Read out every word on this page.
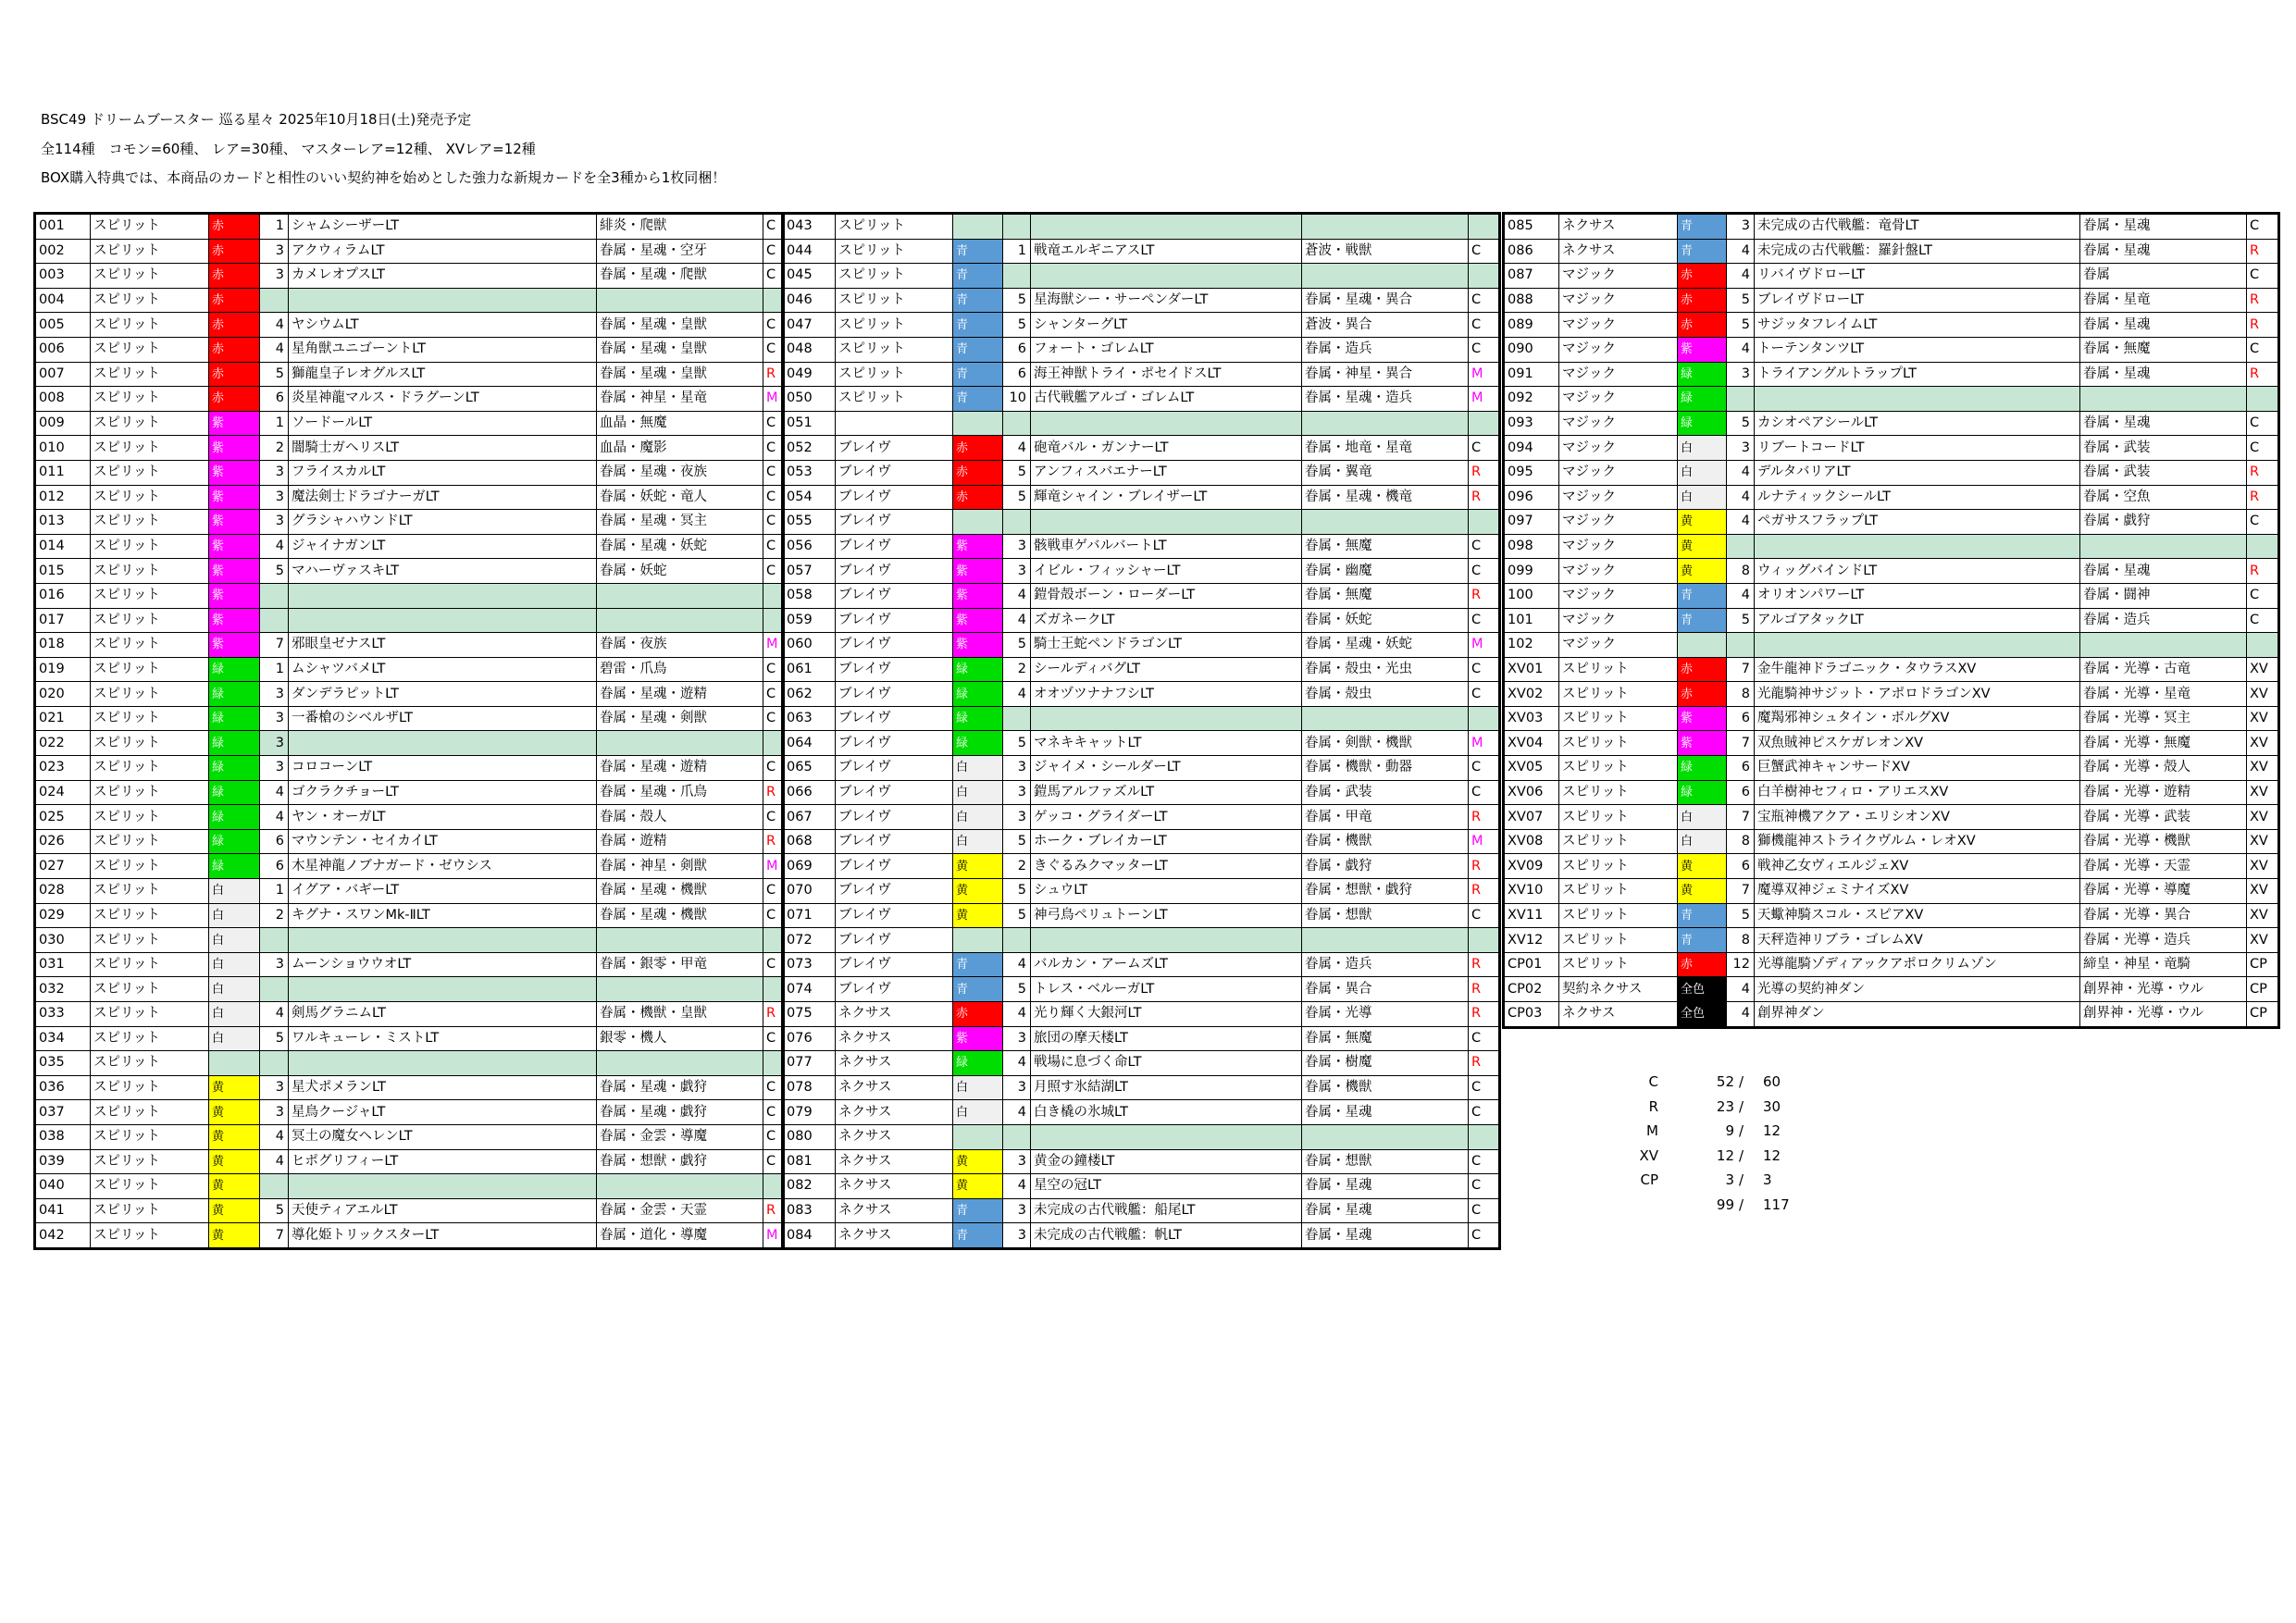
BSC49 ドリームブースター 巡る星々 2025年10月18日(土)発売予定
全114種　コモン=60種、 レア=30種、 マスターレア=12種、 XVレア=12種
BOX購入特典では、本商品のカードと相性のいい契約神を始めとした強力な新規カードを全3種から1枚同梱！
001	スピリット	赤	1	シャムシーザーLT	緋炎・爬獣	C
002	スピリット	赤	3	アクウィラムLT	眷属・星魂・空牙	C
003	スピリット	赤	3	カメレオプスLT	眷属・星魂・爬獣	C
004	スピリット	赤				
005	スピリット	赤	4	ヤシウムLT	眷属・星魂・皇獣	C
006	スピリット	赤	4	星角獣ユニゴーントLT	眷属・星魂・皇獣	C
007	スピリット	赤	5	獅龍皇子レオグルスLT	眷属・星魂・皇獣	R
008	スピリット	赤	6	炎星神龍マルス・ドラグーンLT	眷属・神星・星竜	M
009	スピリット	紫	1	ソードールLT	血晶・無魔	C
010	スピリット	紫	2	闇騎士ガヘリスLT	血晶・魔影	C
011	スピリット	紫	3	フライスカルLT	眷属・星魂・夜族	C
012	スピリット	紫	3	魔法剣士ドラゴナーガLT	眷属・妖蛇・竜人	C
013	スピリット	紫	3	グラシャハウンドLT	眷属・星魂・冥主	C
014	スピリット	紫	4	ジャイナガンLT	眷属・星魂・妖蛇	C
015	スピリット	紫	5	マハーヴァスキLT	眷属・妖蛇	C
016	スピリット	紫				
017	スピリット	紫				
018	スピリット	紫	7	邪眼皇ゼナスLT	眷属・夜族	M
019	スピリット	緑	1	ムシャツバメLT	碧雷・爪鳥	C
020	スピリット	緑	3	ダンデラピットLT	眷属・星魂・遊精	C
021	スピリット	緑	3	一番槍のシベルザLT	眷属・星魂・剣獣	C
022	スピリット	緑	3			
023	スピリット	緑	3	コロコーンLT	眷属・星魂・遊精	C
024	スピリット	緑	4	ゴクラクチョーLT	眷属・星魂・爪鳥	R
025	スピリット	緑	4	ヤン・オーガLT	眷属・殻人	C
026	スピリット	緑	6	マウンテン・セイカイLT	眷属・遊精	R
027	スピリット	緑	6	木星神龍ノブナガード・ゼウシス	眷属・神星・剣獣	M
028	スピリット	白	1	イグア・バギーLT	眷属・星魂・機獣	C
029	スピリット	白	2	キグナ・スワンMk-ⅡLT	眷属・星魂・機獣	C
030	スピリット	白				
031	スピリット	白	3	ムーンショウウオLT	眷属・銀零・甲竜	C
032	スピリット	白				
033	スピリット	白	4	剣馬グラニムLT	眷属・機獣・皇獣	R
034	スピリット	白	5	ワルキューレ・ミストLT	銀零・機人	C
035	スピリット					
036	スピリット	黄	3	星犬ポメランLT	眷属・星魂・戯狩	C
037	スピリット	黄	3	星鳥クージャLT	眷属・星魂・戯狩	C
038	スピリット	黄	4	冥土の魔女ヘレンLT	眷属・金雲・導魔	C
039	スピリット	黄	4	ヒポグリフィーLT	眷属・想獣・戯狩	C
040	スピリット	黄				
041	スピリット	黄	5	天使ティアエルLT	眷属・金雲・天霊	R
042	スピリット	黄	7	導化姫トリックスターLT	眷属・道化・導魔	M
043	スピリット					
044	スピリット	青	1	戦竜エルギニアスLT	蒼波・戦獣	C
045	スピリット	青				
046	スピリット	青	5	星海獣シー・サーペンダーLT	眷属・星魂・異合	C
047	スピリット	青	5	シャンターグLT	蒼波・異合	C
048	スピリット	青	6	フォート・ゴレムLT	眷属・造兵	C
049	スピリット	青	6	海王神獣トライ・ポセイドスLT	眷属・神星・異合	M
050	スピリット	青	10	古代戦艦アルゴ・ゴレムLT	眷属・星魂・造兵	M
051						
052	ブレイヴ	赤	4	砲竜バル・ガンナーLT	眷属・地竜・星竜	C
053	ブレイヴ	赤	5	アンフィスバエナーLT	眷属・翼竜	R
054	ブレイヴ	赤	5	輝竜シャイン・ブレイザーLT	眷属・星魂・機竜	R
055	ブレイヴ					
056	ブレイヴ	紫	3	骸戦車ゲバルバートLT	眷属・無魔	C
057	ブレイヴ	紫	3	イビル・フィッシャーLT	眷属・幽魔	C
058	ブレイヴ	紫	4	鎧骨殻ボーン・ローダーLT	眷属・無魔	R
059	ブレイヴ	紫	4	ズガネークLT	眷属・妖蛇	C
060	ブレイヴ	紫	5	騎士王蛇ペンドラゴンLT	眷属・星魂・妖蛇	M
061	ブレイヴ	緑	2	シールディバグLT	眷属・殻虫・光虫	C
062	ブレイヴ	緑	4	オオヅツナナフシLT	眷属・殻虫	C
063	ブレイヴ	緑				
064	ブレイヴ	緑	5	マネキキャットLT	眷属・剣獣・機獣	M
065	ブレイヴ	白	3	ジャイメ・シールダーLT	眷属・機獣・動器	C
066	ブレイヴ	白	3	鎧馬アルファズルLT	眷属・武装	C
067	ブレイヴ	白	3	ゲッコ・グライダーLT	眷属・甲竜	R
068	ブレイヴ	白	5	ホーク・ブレイカーLT	眷属・機獣	M
069	ブレイヴ	黄	2	きぐるみクマッターLT	眷属・戯狩	R
070	ブレイヴ	黄	5	シュウLT	眷属・想獣・戯狩	R
071	ブレイヴ	黄	5	神弓鳥ペリュトーンLT	眷属・想獣	C
072	ブレイヴ					
073	ブレイヴ	青	4	バルカン・アームズLT	眷属・造兵	R
074	ブレイヴ	青	5	トレス・ベルーガLT	眷属・異合	R
075	ネクサス	赤	4	光り輝く大銀河LT	眷属・光導	R
076	ネクサス	紫	3	旅団の摩天楼LT	眷属・無魔	C
077	ネクサス	緑	4	戦場に息づく命LT	眷属・樹魔	R
078	ネクサス	白	3	月照す氷結湖LT	眷属・機獣	C
079	ネクサス	白	4	白き橇の氷城LT	眷属・星魂	C
080	ネクサス					
081	ネクサス	黄	3	黄金の鐘楼LT	眷属・想獣	C
082	ネクサス	黄	4	星空の冠LT	眷属・星魂	C
083	ネクサス	青	3	未完成の古代戦艦：船尾LT	眷属・星魂	C
084	ネクサス	青	3	未完成の古代戦艦：帆LT	眷属・星魂	C
085	ネクサス	青	3	未完成の古代戦艦：竜骨LT	眷属・星魂	C
086	ネクサス	青	4	未完成の古代戦艦：羅針盤LT	眷属・星魂	R
087	マジック	赤	4	リバイヴドローLT	眷属	C
088	マジック	赤	5	ブレイヴドローLT	眷属・星竜	R
089	マジック	赤	5	サジッタフレイムLT	眷属・星魂	R
090	マジック	紫	4	トーテンタンツLT	眷属・無魔	C
091	マジック	緑	3	トライアングルトラップLT	眷属・星魂	R
092	マジック	緑				
093	マジック	緑	5	カシオペアシールLT	眷属・星魂	C
094	マジック	白	3	リブートコードLT	眷属・武装	C
095	マジック	白	4	デルタバリアLT	眷属・武装	R
096	マジック	白	4	ルナティックシールLT	眷属・空魚	R
097	マジック	黄	4	ペガサスフラップLT	眷属・戯狩	C
098	マジック	黄				
099	マジック	黄	8	ウィッグバインドLT	眷属・星魂	R
100	マジック	青	4	オリオンパワーLT	眷属・闘神	C
101	マジック	青	5	アルゴアタックLT	眷属・造兵	C
102	マジック					
XV01	スピリット	赤	7	金牛龍神ドラゴニック・タウラスXV	眷属・光導・古竜	XV
XV02	スピリット	赤	8	光龍騎神サジット・アポロドラゴンXV	眷属・光導・星竜	XV
XV03	スピリット	紫	6	魔羯邪神シュタイン・ボルグXV	眷属・光導・冥主	XV
XV04	スピリット	紫	7	双魚賊神ピスケガレオンXV	眷属・光導・無魔	XV
XV05	スピリット	緑	6	巨蟹武神キャンサードXV	眷属・光導・殻人	XV
XV06	スピリット	緑	6	白羊樹神セフィロ・アリエスXV	眷属・光導・遊精	XV
XV07	スピリット	白	7	宝瓶神機アクア・エリシオンXV	眷属・光導・武装	XV
XV08	スピリット	白	8	獅機龍神ストライクヴルム・レオXV	眷属・光導・機獣	XV
XV09	スピリット	黄	6	戦神乙女ヴィエルジェXV	眷属・光導・天霊	XV
XV10	スピリット	黄	7	魔導双神ジェミナイズXV	眷属・光導・導魔	XV
XV11	スピリット	青	5	天蠍神騎スコル・スピアXV	眷属・光導・異合	XV
XV12	スピリット	青	8	天秤造神リブラ・ゴレムXV	眷属・光導・造兵	XV
CP01	スピリット	赤	12	光導龍騎ゾディアックアポロクリムゾン	締皇・神星・竜騎	CP
CP02	契約ネクサス	全色	4	光導の契約神ダン	創界神・光導・ウル	CP
CP03	ネクサス	全色	4	創界神ダン	創界神・光導・ウル	CP
C	52 60
/
R	23 30
/
M	9 12
/
XV	12 12
/
CP	3 3
/
99 117
/
